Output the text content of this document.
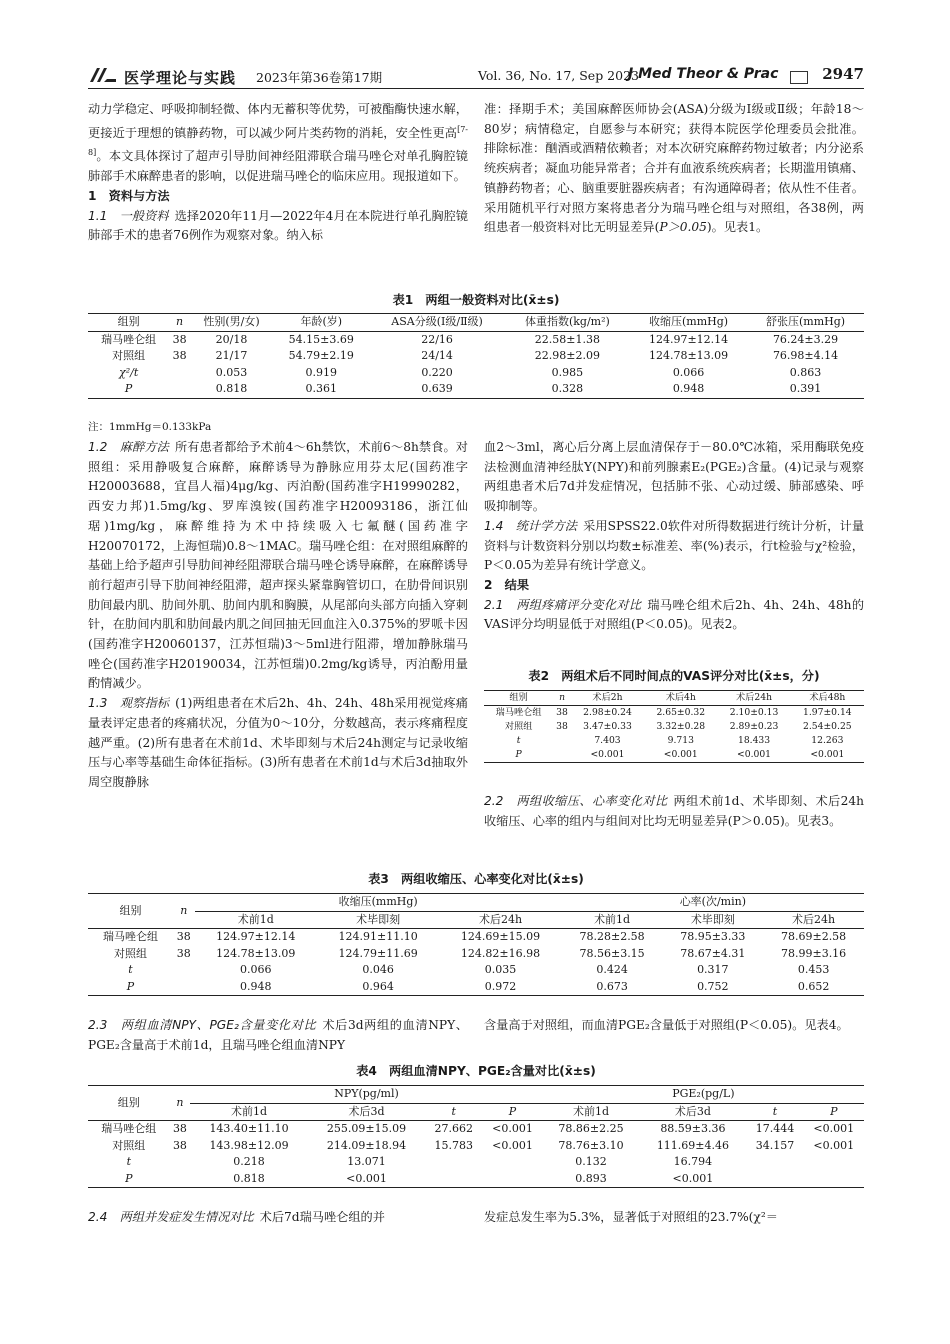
医学理论与实践 2023年第36卷第17期	Vol. 36, No. 17, Sep 2023
J Med Theor & Prac	2947

动力学稳定、呼吸抑制轻微、体内无蓄积等优势，可被酯酶快速水解，更接近于理想的镇静药物，可以减少阿片类药物的消耗，安全性更高[7-8]。本文具体探讨了超声引导肋间神经阻滞联合瑞马唑仑对单孔胸腔镜肺部手术麻醉患者的影响，以促进瑞马唑仑的临床应用。现报道如下。

1　资料与方法

1.1　一般资料 选择2020年11月—2022年4月在本院进行单孔胸腔镜肺部手术的患者76例作为观察对象。纳入标

准：择期手术；美国麻醉医师协会(ASA)分级为Ⅰ级或Ⅱ级；年龄18～80岁；病情稳定，自愿参与本研究；获得本院医学伦理委员会批准。排除标准：酗酒或酒精依赖者；对本次研究麻醉药物过敏者；内分泌系统疾病者；凝血功能异常者；合并有血液系统疾病者；长期滥用镇痛、镇静药物者；心、脑重要脏器疾病者；有沟通障碍者；依从性不佳者。采用随机平行对照方案将患者分为瑞马唑仑组与对照组，各38例，两组患者一般资料对比无明显差异(P＞0.05)。见表1。

表1　两组一般资料对比(x̄±s)
组别	n	性别(男/女)	年龄(岁)	ASA分级(Ⅰ级/Ⅱ级)	体重指数(kg/m²)	收缩压(mmHg)	舒张压(mmHg)
瑞马唑仑组	38	20/18	54.15±3.69	22/16	22.58±1.38	124.97±12.14	76.24±3.29
对照组	38	21/17	54.79±2.19	24/14	22.98±2.09	124.78±13.09	76.98±4.14
χ²/t		0.053	0.919	0.220	0.985	0.066	0.863
P		0.818	0.361	0.639	0.328	0.948	0.391
注：1mmHg＝0.133kPa

1.2　麻醉方法 所有患者都给予术前4～6h禁饮，术前6～8h禁食。对照组：采用静吸复合麻醉，麻醉诱导为静脉应用芬太尼(国药准字H20003688，宜昌人福)4μg/kg、丙泊酚(国药准字H19990282，西安力邦)1.5mg/kg、罗库溴铵(国药准字H20093186，浙江仙琚)1mg/kg，麻醉维持为术中持续吸入七氟醚(国药准字H20070172，上海恒瑞)0.8～1MAC。瑞马唑仑组：在对照组麻醉的基础上给予超声引导肋间神经阻滞联合瑞马唑仑诱导麻醉，在麻醉诱导前行超声引导下肋间神经阻滞，超声探头紧靠胸管切口，在肋骨间识别肋间最内肌、肋间外肌、肋间内肌和胸膜，从尾部向头部方向插入穿刺针，在肋间内肌和肋间最内肌之间回抽无回血注入0.375%的罗哌卡因(国药准字H20060137，江苏恒瑞)3～5ml进行阻滞，增加静脉瑞马唑仑(国药准字H20190034，江苏恒瑞)0.2mg/kg诱导，丙泊酚用量酌情减少。

1.3　观察指标 (1)两组患者在术后2h、4h、24h、48h采用视觉疼痛量表评定患者的疼痛状况，分值为0～10分，分数越高，表示疼痛程度越严重。(2)所有患者在术前1d、术毕即刻与术后24h测定与记录收缩压与心率等基础生命体征指标。(3)所有患者在术前1d与术后3d抽取外周空腹静脉

血2～3ml，离心后分离上层血清保存于－80.0℃冰箱，采用酶联免疫法检测血清神经肽Y(NPY)和前列腺素E₂(PGE₂)含量。(4)记录与观察两组患者术后7d并发症情况，包括肺不张、心动过缓、肺部感染、呼吸抑制等。

1.4　统计学方法 采用SPSS22.0软件对所得数据进行统计分析，计量资料与计数资料分别以均数±标准差、率(%)表示，行t检验与χ²检验，P＜0.05为差异有统计学意义。

2　结果

2.1　两组疼痛评分变化对比 瑞马唑仑组术后2h、4h、24h、48h的VAS评分均明显低于对照组(P＜0.05)。见表2。

表2　两组术后不同时间点的VAS评分对比(x̄±s，分)
组别	n	术后2h	术后4h	术后24h	术后48h
瑞马唑仑组	38	2.98±0.24	2.65±0.32	2.10±0.13	1.97±0.14
对照组	38	3.47±0.33	3.32±0.28	2.89±0.23	2.54±0.25
t		7.403	9.713	18.433	12.263
P		<0.001	<0.001	<0.001	<0.001

2.2　两组收缩压、心率变化对比 两组术前1d、术毕即刻、术后24h收缩压、心率的组内与组间对比均无明显差异(P＞0.05)。见表3。

表3　两组收缩压、心率变化对比(x̄±s)
组别	n	收缩压(mmHg)			心率(次/min)		
		术前1d	术毕即刻	术后24h	术前1d	术毕即刻	术后24h
瑞马唑仑组	38	124.97±12.14	124.91±11.10	124.69±15.09	78.28±2.58	78.95±3.33	78.69±2.58
对照组	38	124.78±13.09	124.79±11.69	124.82±16.98	78.56±3.15	78.67±4.31	78.99±3.16
t		0.066	0.046	0.035	0.424	0.317	0.453
P		0.948	0.964	0.972	0.673	0.752	0.652

2.3　两组血清NPY、PGE₂含量变化对比 术后3d两组的血清NPY、PGE₂含量高于术前1d，且瑞马唑仑组血清NPY

含量高于对照组，而血清PGE₂含量低于对照组(P＜0.05)。见表4。

表4　两组血清NPY、PGE₂含量对比(x̄±s)
组别	n	NPY(pg/ml)				PGE₂(pg/L)			
		术前1d	术后3d	t	P	术前1d	术后3d	t	P
瑞马唑仑组	38	143.40±11.10	255.09±15.09	27.662	<0.001	78.86±2.25	88.59±3.36	17.444	<0.001
对照组	38	143.98±12.09	214.09±18.94	15.783	<0.001	78.76±3.10	111.69±4.46	34.157	<0.001
t		0.218	13.071			0.132	16.794		
P		0.818	<0.001			0.893	<0.001		

2.4　两组并发症发生情况对比 术后7d瑞马唑仑组的并	发症总发生率为5.3%，显著低于对照组的23.7%(χ²＝
